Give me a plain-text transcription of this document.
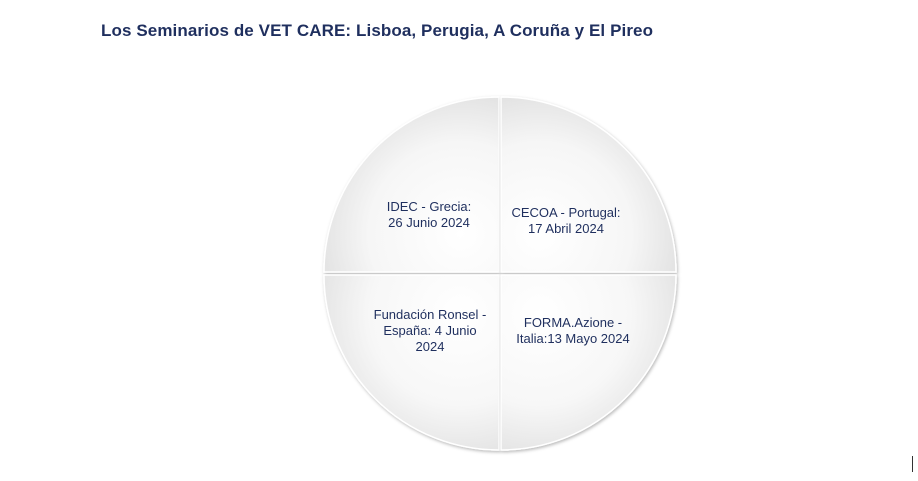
Los Seminarios de VET CARE: Lisboa, Perugia, A Coruña y El Pireo
IDEC - Grecia:
26 Junio 2024
CECOA - Portugal:
17 Abril 2024
Fundación Ronsel -
España: 4 Junio
2024
FORMA.Azione -
Italia:13 Mayo 2024
